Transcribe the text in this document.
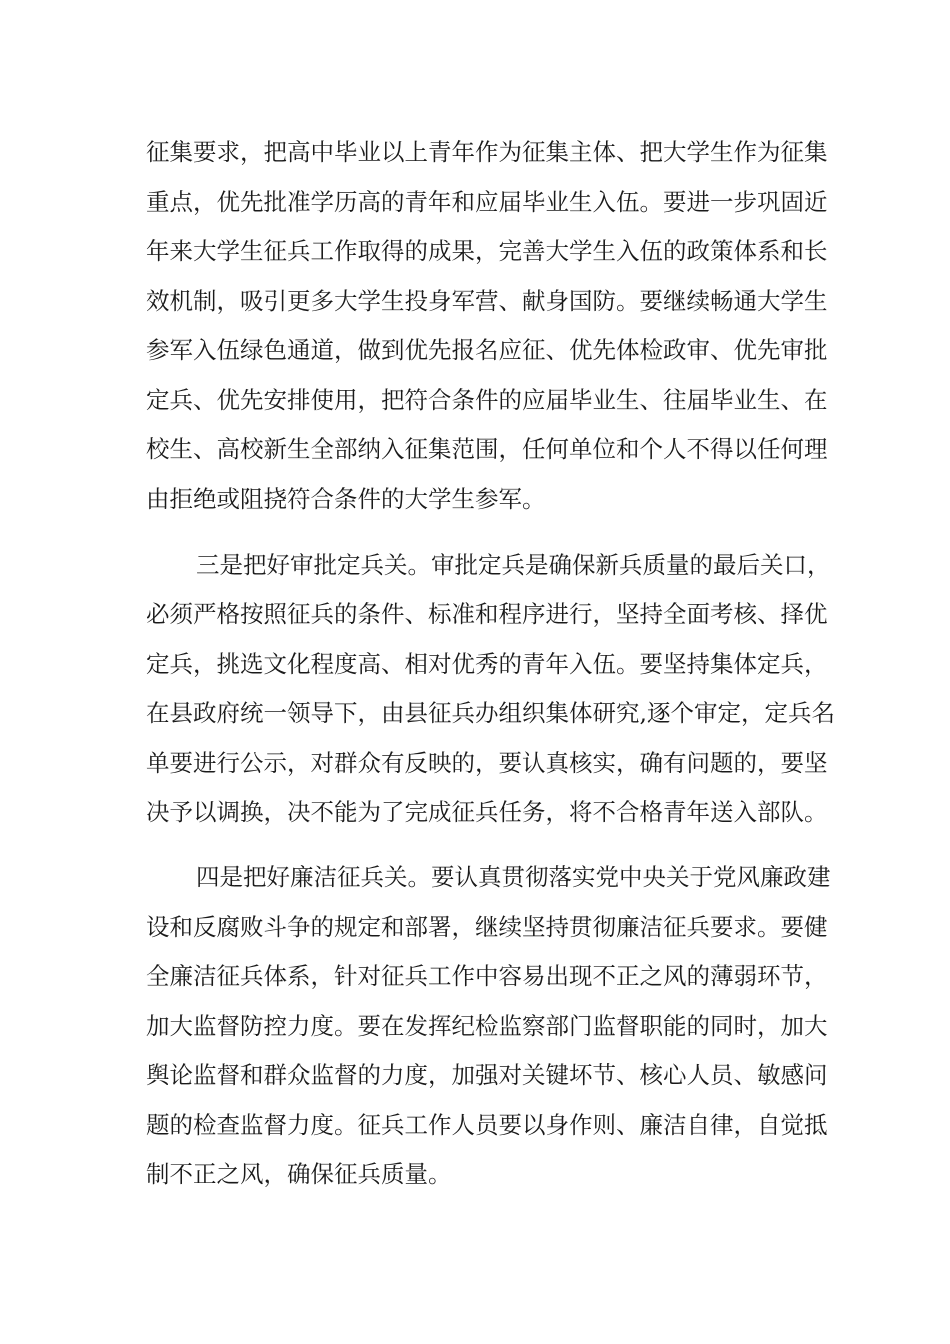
征集要求，把高中毕业以上青年作为征集主体、把大学生作为征集
重点，优先批准学历高的青年和应届毕业生入伍。要进一步巩固近
年来大学生征兵工作取得的成果，完善大学生入伍的政策体系和长
效机制，吸引更多大学生投身军营、献身国防。要继续畅通大学生
参军入伍绿色通道，做到优先报名应征、优先体检政审、优先审批
定兵、优先安排使用，把符合条件的应届毕业生、往届毕业生、在
校生、高校新生全部纳入征集范围，任何单位和个人不得以任何理
由拒绝或阻挠符合条件的大学生参军。
三是把好审批定兵关。审批定兵是确保新兵质量的最后关口，
必须严格按照征兵的条件、标准和程序进行，坚持全面考核、择优
定兵，挑选文化程度高、相对优秀的青年入伍。要坚持集体定兵，
在县政府统一领导下，由县征兵办组织集体研究,逐个审定，定兵名
单要进行公示，对群众有反映的，要认真核实，确有问题的，要坚
决予以调换，决不能为了完成征兵任务，将不合格青年送入部队。
四是把好廉洁征兵关。要认真贯彻落实党中央关于党风廉政建
设和反腐败斗争的规定和部署，继续坚持贯彻廉洁征兵要求。要健
全廉洁征兵体系，针对征兵工作中容易出现不正之风的薄弱环节，
加大监督防控力度。要在发挥纪检监察部门监督职能的同时，加大
舆论监督和群众监督的力度，加强对关键坏节、核心人员、敏感问
题的检查监督力度。征兵工作人员要以身作则、廉洁自律，自觉抵
制不正之风，确保征兵质量。
